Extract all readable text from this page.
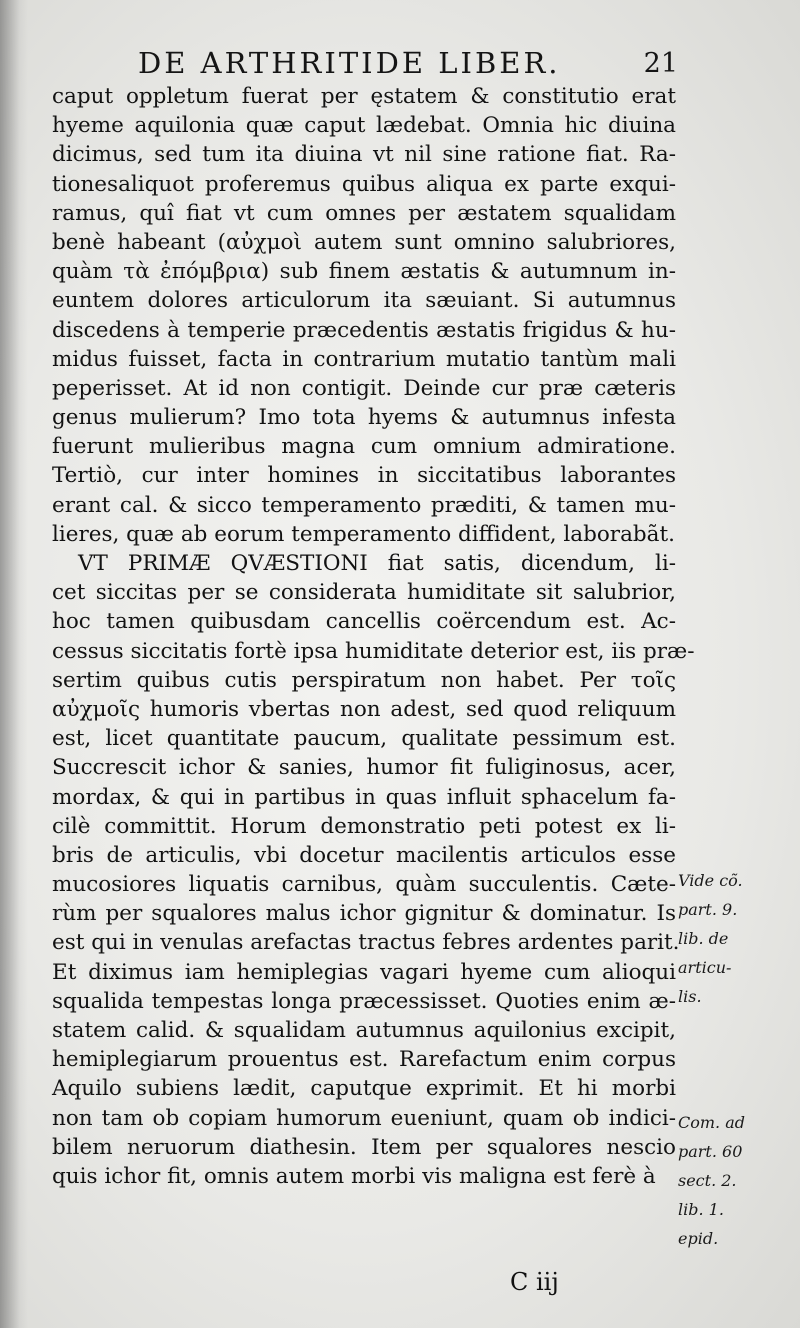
DE ARTHRITIDE LIBER.	21
caput oppletum fuerat per ęstatem & constitutio erat
hyeme aquilonia quæ caput lædebat. Omnia hic diuina
dicimus, sed tum ita diuina vt nil sine ratione fiat. Ra-
tionesaliquot proferemus quibus aliqua ex parte exqui-
ramus, quî fiat vt cum omnes per æstatem squalidam
benè habeant (αὐχμοὶ autem sunt omnino salubriores,
quàm τὰ ἐπόμβρια) sub finem æstatis & autumnum in-
euntem dolores articulorum ita sæuiant. Si autumnus
discedens à temperie præcedentis æstatis frigidus & hu-
midus fuisset, facta in contrarium mutatio tantùm mali
peperisset. At id non contigit. Deinde cur præ cæteris
genus mulierum? Imo tota hyems & autumnus infesta
fuerunt mulieribus magna cum omnium admiratione.
Tertiò, cur inter homines in siccitatibus laborantes
erant cal. & sicco temperamento præditi, & tamen mu-
lieres, quæ ab eorum temperamento diffident, laborabãt.
VT PRIMÆ QVÆSTIONI fiat satis, dicendum, li-
cet siccitas per se considerata humiditate sit salubrior,
hoc tamen quibusdam cancellis coërcendum est. Ac-
cessus siccitatis fortè ipsa humiditate deterior est, iis præ-
sertim quibus cutis perspiratum non habet. Per τοῖς
αὐχμοῖς humoris vbertas non adest, sed quod reliquum
est, licet quantitate paucum, qualitate pessimum est.
Succrescit ichor & sanies, humor fit fuliginosus, acer,
mordax, & qui in partibus in quas influit sphacelum fa-
cilè committit. Horum demonstratio peti potest ex li-
bris de articulis, vbi docetur macilentis articulos esse
mucosiores liquatis carnibus, quàm succulentis. Cæte-
rùm per squalores malus ichor gignitur & dominatur. Is
est qui in venulas arefactas tractus febres ardentes parit.
Et diximus iam hemiplegias vagari hyeme cum alioqui
squalida tempestas longa præcessisset. Quoties enim æ-
statem calid. & squalidam autumnus aquilonius excipit,
hemiplegiarum prouentus est. Rarefactum enim corpus
Aquilo subiens lædit, caputque exprimit. Et hi morbi
non tam ob copiam humorum eueniunt, quam ob indici-
bilem neruorum diathesin. Item per squalores nescio
quis ichor fit, omnis autem morbi vis maligna est ferè à
Vide cõ.
part. 9.
lib. de
articu-
lis.
Com. ad
part. 60
sect. 2.
lib. 1.
epid.
C iij
